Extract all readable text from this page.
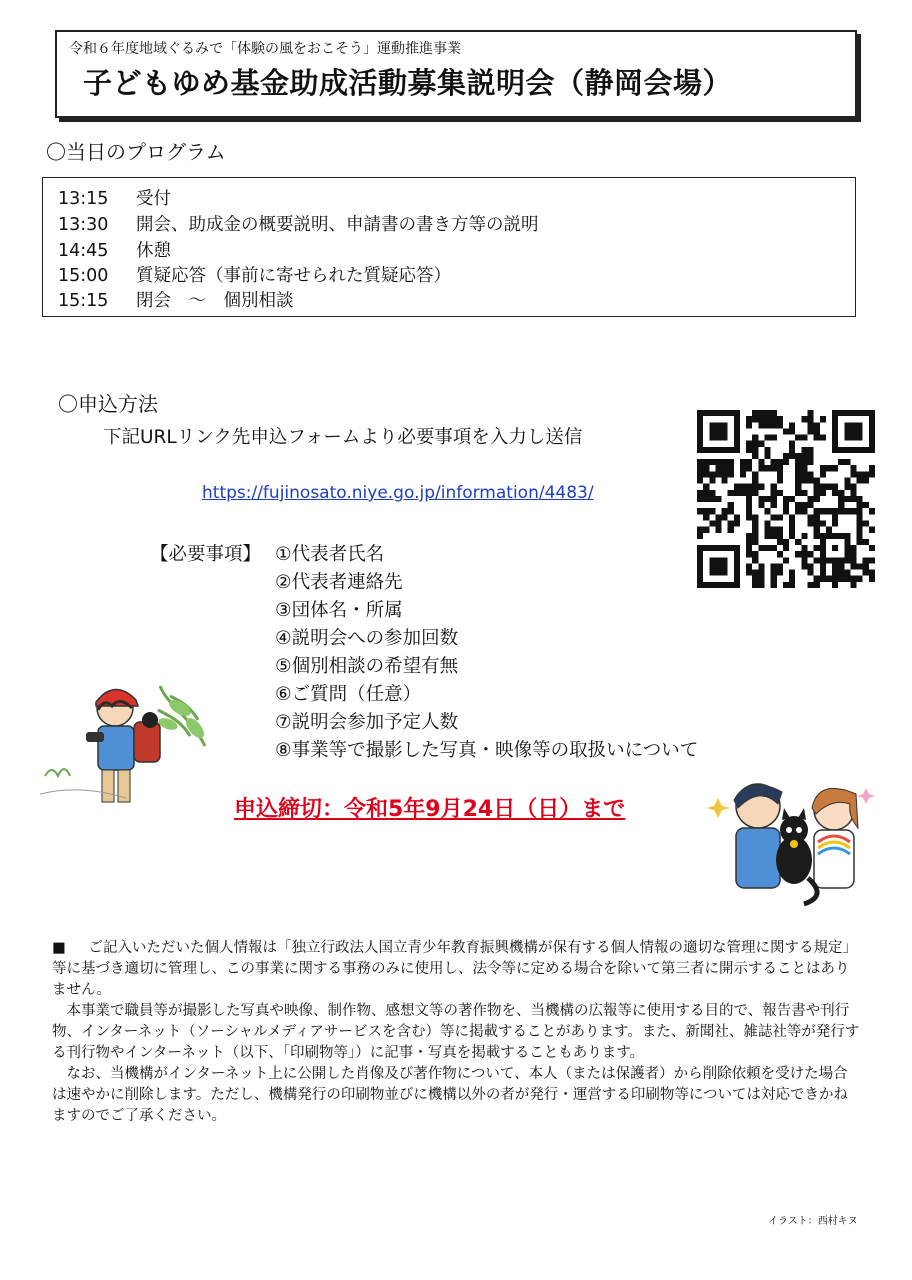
令和６年度地域ぐるみで「体験の風をおこそう」運動推進事業
子どもゆめ基金助成活動募集説明会（静岡会場）
〇当日のプログラム
13:15 受付
13:30 開会、助成金の概要説明、申請書の書き方等の説明
14:45 休憩
15:00 質疑応答（事前に寄せられた質疑応答）
15:15 閉会　～　個別相談
〇申込方法
下記URLリンク先申込フォームより必要事項を入力し送信
https://fujinosato.niye.go.jp/information/4483/
【必要事項】 ①代表者氏名
②代表者連絡先
③団体名・所属
④説明会への参加回数
⑤個別相談の希望有無
⑥ご質問（任意）
⑦説明会参加予定人数
⑧事業等で撮影した写真・映像等の取扱いについて
申込締切：令和5年9月24日（日）まで

■　 ご記入いただいた個人情報は「独立行政法人国立青少年教育振興機構が保有する個人情報の適切な管理に関する規定」等に基づき適切に管理し、この事業に関する事務のみに使用し、法令等に定める場合を除いて第三者に開示することはありません。

本事業で職員等が撮影した写真や映像、制作物、感想文等の著作物を、当機構の広報等に使用する目的で、報告書や刊行物、インターネット（ソーシャルメディアサービスを含む）等に掲載することがあります。また、新聞社、雑誌社等が発行する刊行物やインターネット（以下、「印刷物等」）に記事・写真を掲載することもあります。

なお、当機構がインターネット上に公開した肖像及び著作物について、本人（または保護者）から削除依頼を受けた場合は速やかに削除します。ただし、機構発行の印刷物並びに機構以外の者が発行・運営する印刷物等については対応できかねますのでご了承ください。

イラスト：西村キヌ
